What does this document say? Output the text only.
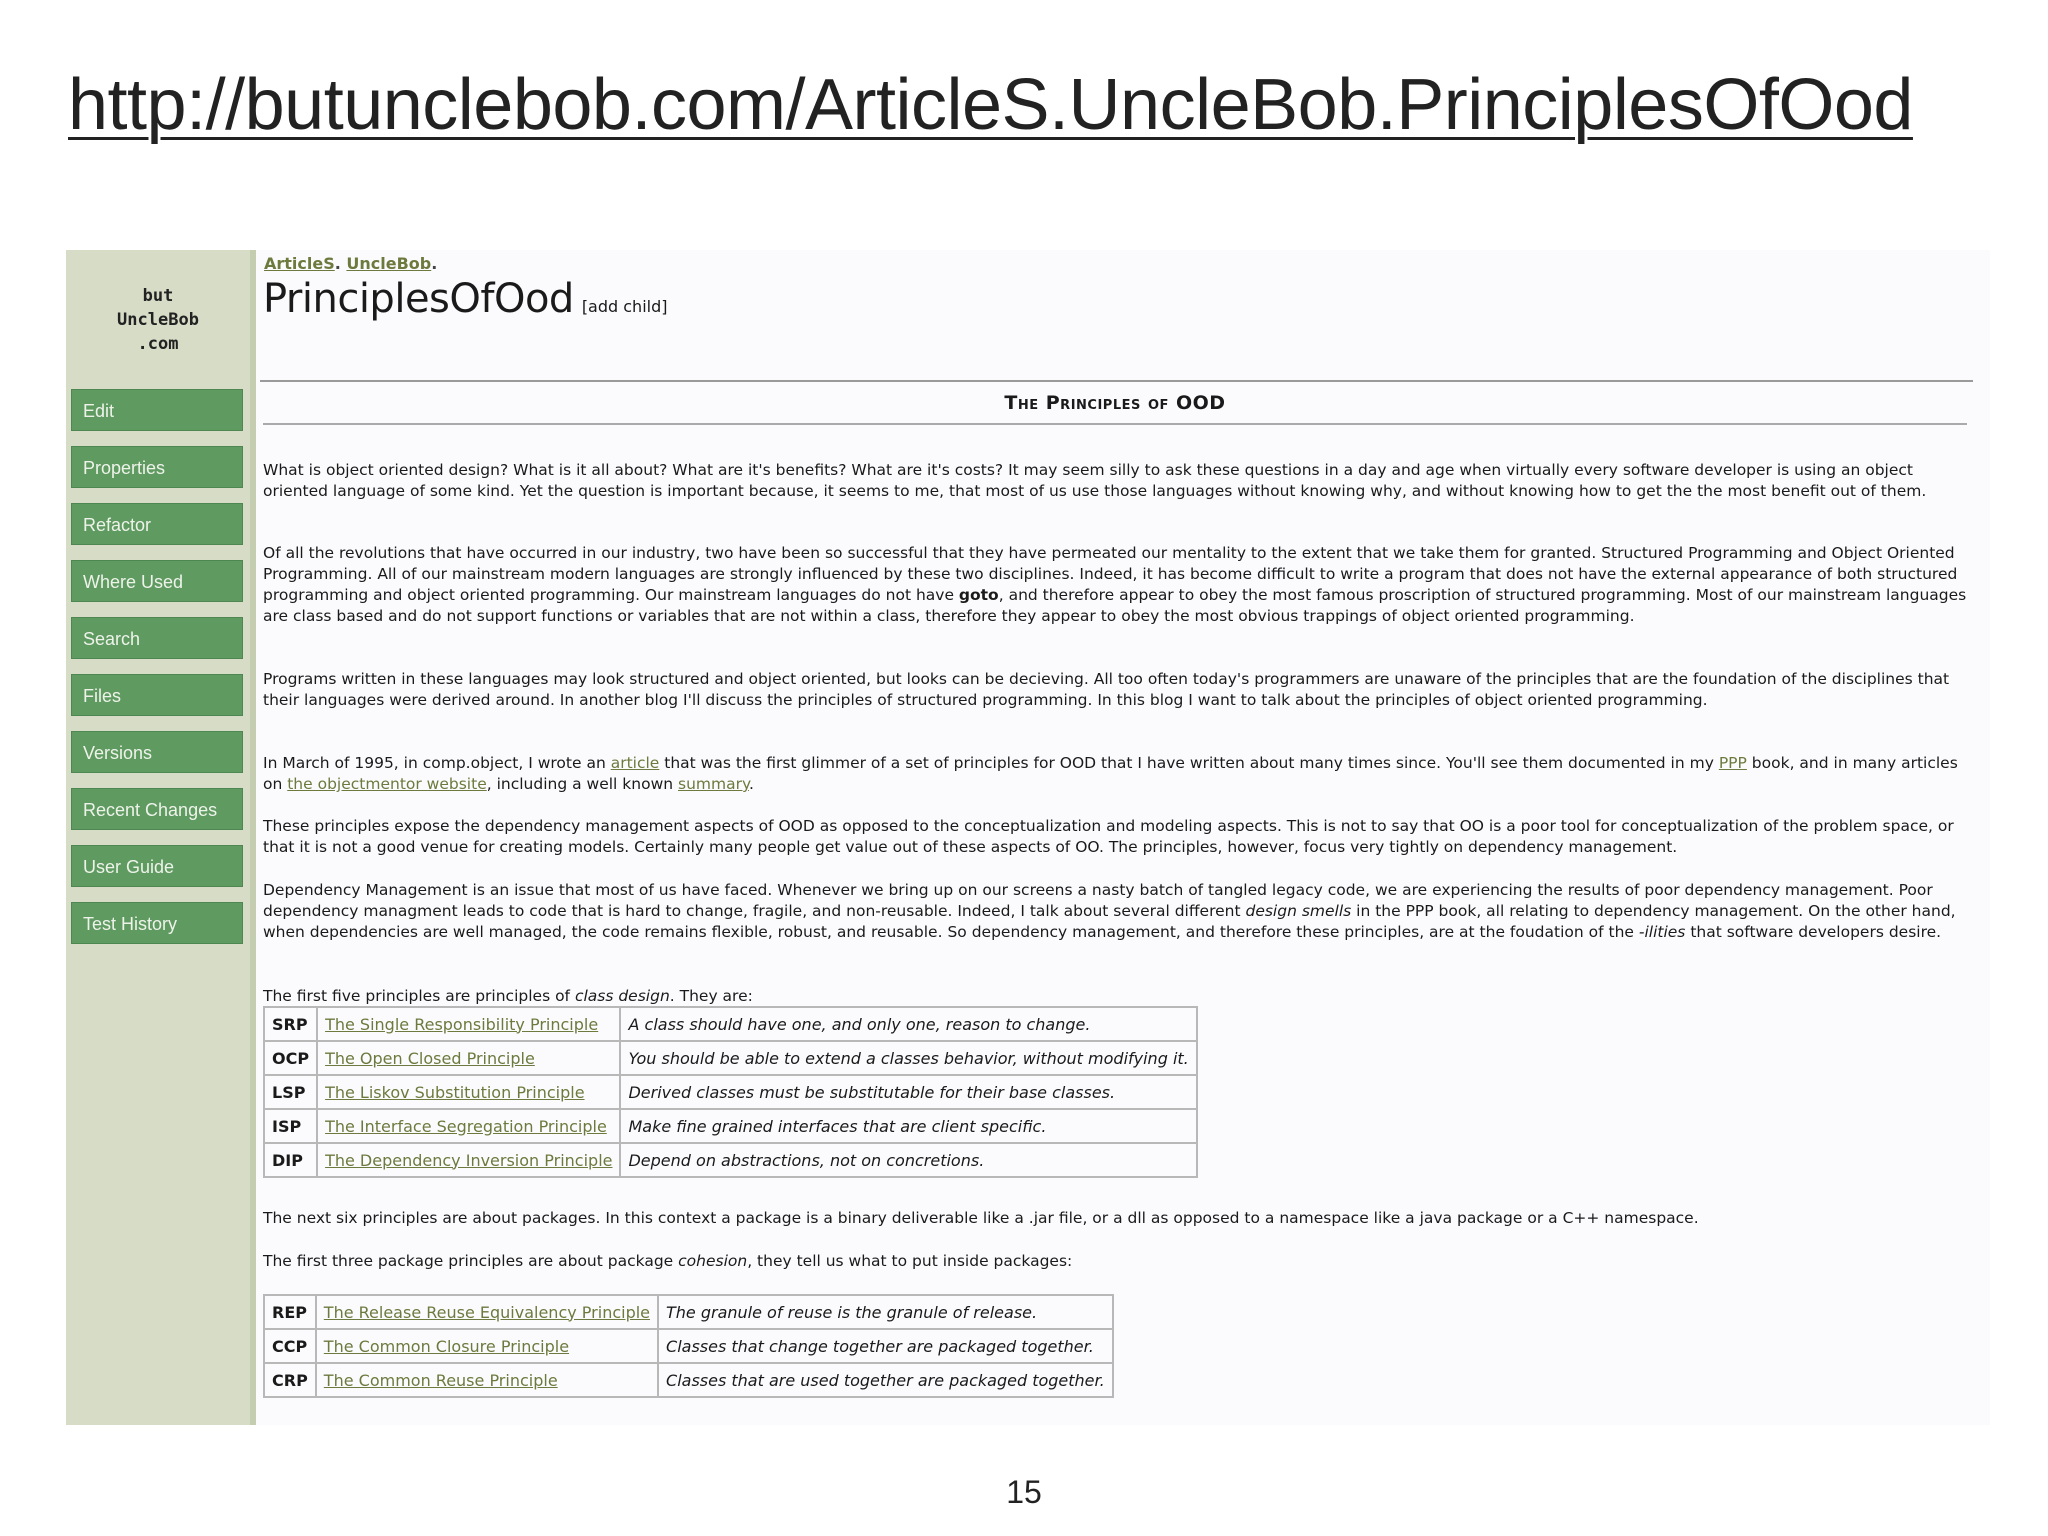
http://butunclebob.com/ArticleS.UncleBob.PrinciplesOfOod
but
UncleBob
.com
Edit
Properties
Refactor
Where Used
Search
Files
Versions
Recent Changes
User Guide
Test History
ArticleS. UncleBob.
PrinciplesOfOod [add child]
The Principles of OOD

What is object oriented design? What is it all about? What are it's benefits? What are it's costs? It may seem silly to ask these questions in a day and age when virtually every software developer is using an object oriented language of some kind. Yet the question is important because, it seems to me, that most of us use those languages without knowing why, and without knowing how to get the the most benefit out of them.

Of all the revolutions that have occurred in our industry, two have been so successful that they have permeated our mentality to the extent that we take them for granted. Structured Programming and Object Oriented Programming. All of our mainstream modern languages are strongly influenced by these two disciplines. Indeed, it has become difficult to write a program that does not have the external appearance of both structured programming and object oriented programming. Our mainstream languages do not have goto, and therefore appear to obey the most famous proscription of structured programming. Most of our mainstream languages are class based and do not support functions or variables that are not within a class, therefore they appear to obey the most obvious trappings of object oriented programming.

Programs written in these languages may look structured and object oriented, but looks can be decieving. All too often today's programmers are unaware of the principles that are the foundation of the disciplines that their languages were derived around. In another blog I'll discuss the principles of structured programming. In this blog I want to talk about the principles of object oriented programming.

In March of 1995, in comp.object, I wrote an article that was the first glimmer of a set of principles for OOD that I have written about many times since. You'll see them documented in my PPP book, and in many articles on the objectmentor website, including a well known summary.

These principles expose the dependency management aspects of OOD as opposed to the conceptualization and modeling aspects. This is not to say that OO is a poor tool for conceptualization of the problem space, or that it is not a good venue for creating models. Certainly many people get value out of these aspects of OO. The principles, however, focus very tightly on dependency management.

Dependency Management is an issue that most of us have faced. Whenever we bring up on our screens a nasty batch of tangled legacy code, we are experiencing the results of poor dependency management. Poor dependency managment leads to code that is hard to change, fragile, and non-reusable. Indeed, I talk about several different design smells in the PPP book, all relating to dependency management. On the other hand, when dependencies are well managed, the code remains flexible, robust, and reusable. So dependency management, and therefore these principles, are at the foudation of the -ilities that software developers desire.

The first five principles are principles of class design. They are:

SRP	The Single Responsibility Principle	A class should have one, and only one, reason to change.
OCP	The Open Closed Principle	You should be able to extend a classes behavior, without modifying it.
LSP	The Liskov Substitution Principle	Derived classes must be substitutable for their base classes.
ISP	The Interface Segregation Principle	Make fine grained interfaces that are client specific.
DIP	The Dependency Inversion Principle	Depend on abstractions, not on concretions.

The next six principles are about packages. In this context a package is a binary deliverable like a .jar file, or a dll as opposed to a namespace like a java package or a C++ namespace.

The first three package principles are about package cohesion, they tell us what to put inside packages:

REP	The Release Reuse Equivalency Principle	The granule of reuse is the granule of release.
CCP	The Common Closure Principle	Classes that change together are packaged together.
CRP	The Common Reuse Principle	Classes that are used together are packaged together.
15
